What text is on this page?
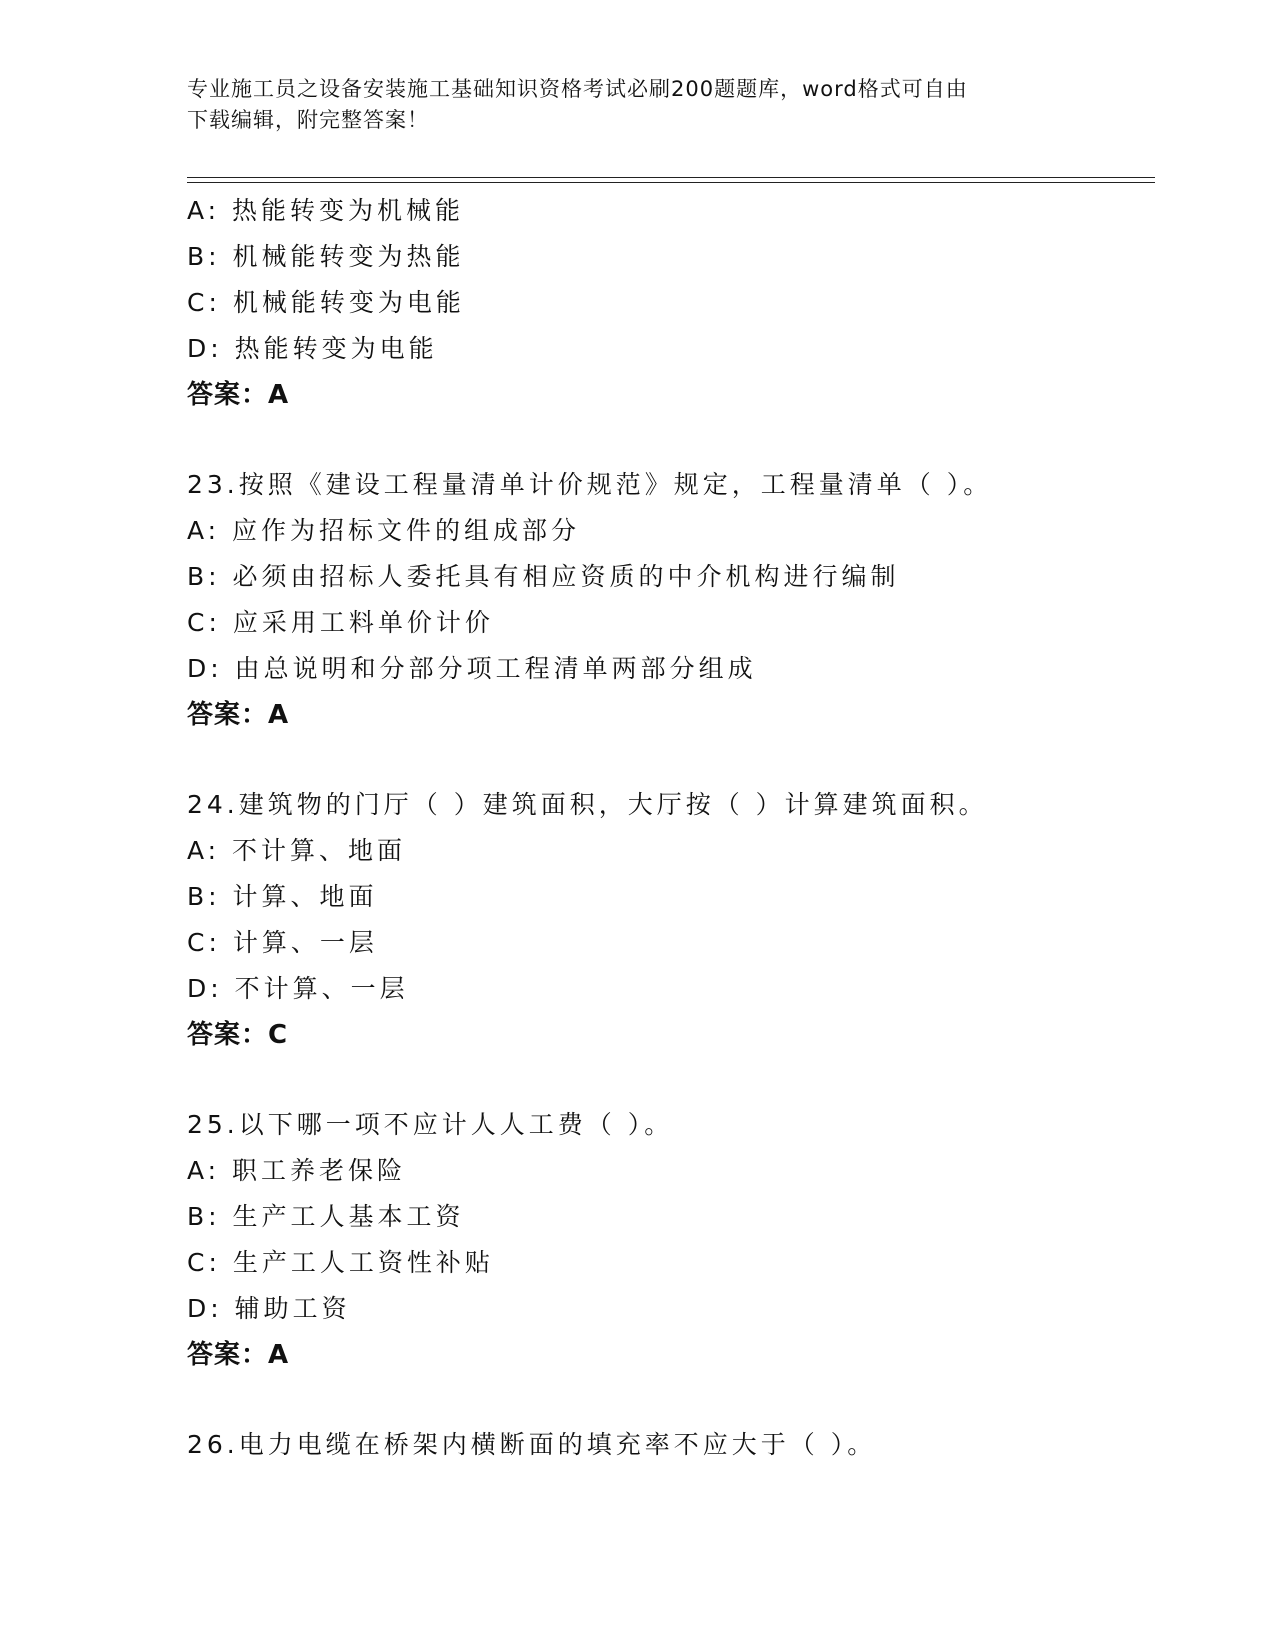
专业施工员之设备安装施工基础知识资格考试必刷200题题库，word格式可自由
下载编辑，附完整答案！
A: 热能转变为机械能
B: 机械能转变为热能
C: 机械能转变为电能
D: 热能转变为电能
答案：A
23.按照《建设工程量清单计价规范》规定，工程量清单（ ）。
A: 应作为招标文件的组成部分
B: 必须由招标人委托具有相应资质的中介机构进行编制
C: 应采用工料单价计价
D: 由总说明和分部分项工程清单两部分组成
答案：A
24.建筑物的门厅（ ）建筑面积，大厅按（ ）计算建筑面积。
A: 不计算、地面
B: 计算、地面
C: 计算、一层
D: 不计算、一层
答案：C
25.以下哪一项不应计人人工费（ ）。
A: 职工养老保险
B: 生产工人基本工资
C: 生产工人工资性补贴
D: 辅助工资
答案：A
26.电力电缆在桥架内横断面的填充率不应大于（ ）。
